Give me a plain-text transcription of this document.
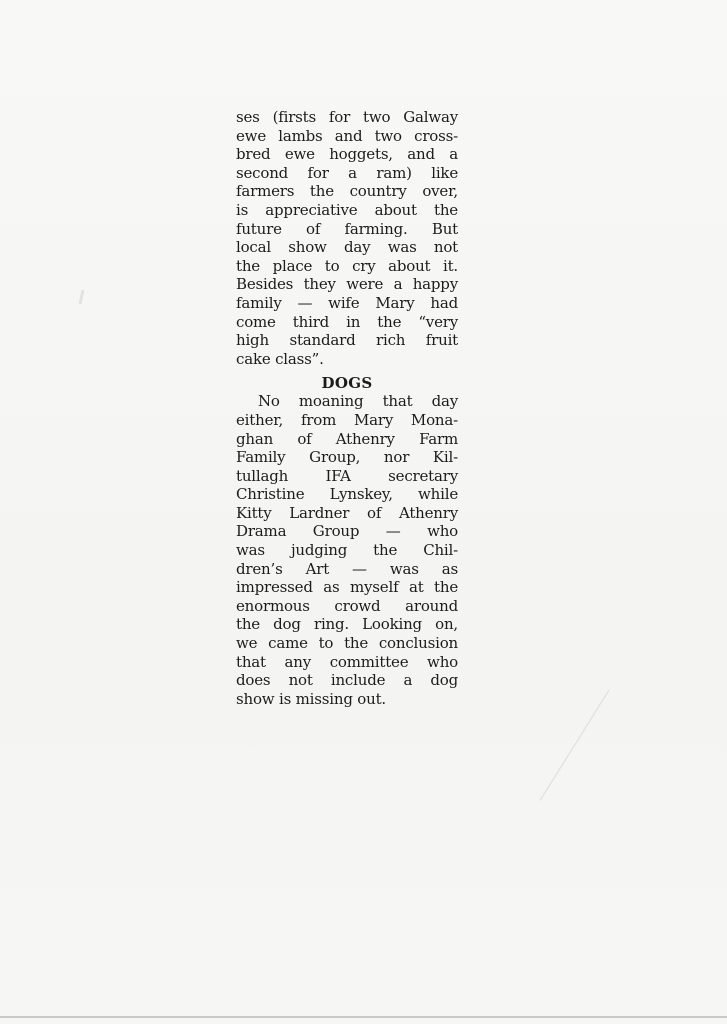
ses (firsts for two Galway
ewe lambs and two cross-
bred ewe hoggets, and a
second for a ram) like
farmers the country over,
is appreciative about the
future of farming. But
local show day was not
the place to cry about it.
Besides they were a happy
family — wife Mary had
come third in the “very
high standard rich fruit
cake class”.
DOGS
No moaning that day
either, from Mary Mona-
ghan of Athenry Farm
Family Group, nor Kil-
tullagh IFA secretary
Christine Lynskey, while
Kitty Lardner of Athenry
Drama Group — who
was judging the Chil-
dren’s Art — was as
impressed as myself at the
enormous crowd around
the dog ring. Looking on,
we came to the conclusion
that any committee who
does not include a dog
show is missing out.
